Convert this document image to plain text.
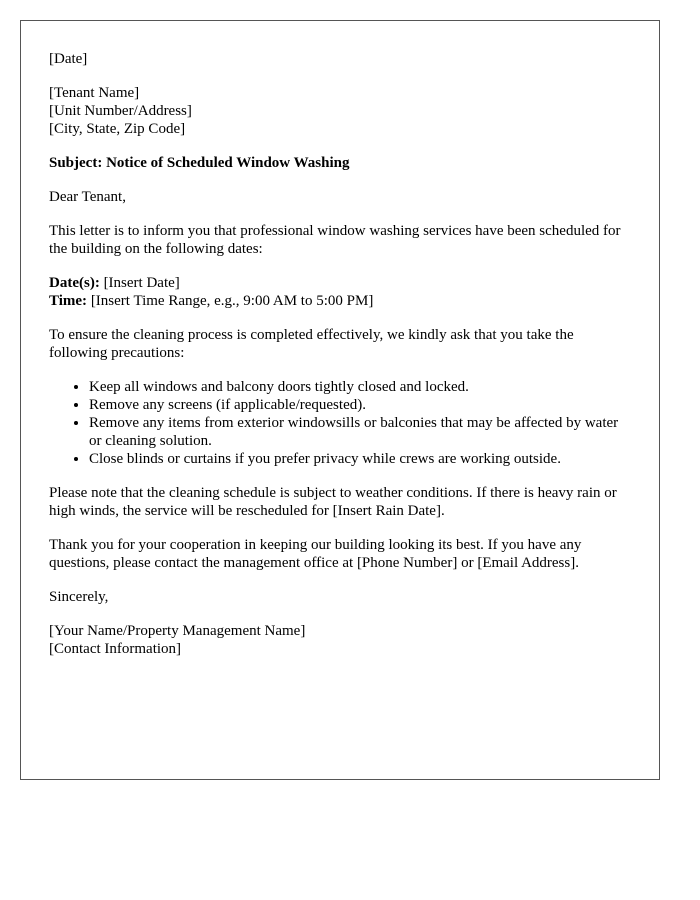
[Date]
[Tenant Name]
[Unit Number/Address]
[City, State, Zip Code]
Subject: Notice of Scheduled Window Washing
Dear Tenant,
This letter is to inform you that professional window washing services have been scheduled for the building on the following dates:
Date(s): [Insert Date]
Time: [Insert Time Range, e.g., 9:00 AM to 5:00 PM]
To ensure the cleaning process is completed effectively, we kindly ask that you take the following precautions:
• Keep all windows and balcony doors tightly closed and locked.
• Remove any screens (if applicable/requested).
• Remove any items from exterior windowsills or balconies that may be affected by water or cleaning solution.
• Close blinds or curtains if you prefer privacy while crews are working outside.
Please note that the cleaning schedule is subject to weather conditions. If there is heavy rain or high winds, the service will be rescheduled for [Insert Rain Date].
Thank you for your cooperation in keeping our building looking its best. If you have any questions, please contact the management office at [Phone Number] or [Email Address].
Sincerely,
[Your Name/Property Management Name]
[Contact Information]
